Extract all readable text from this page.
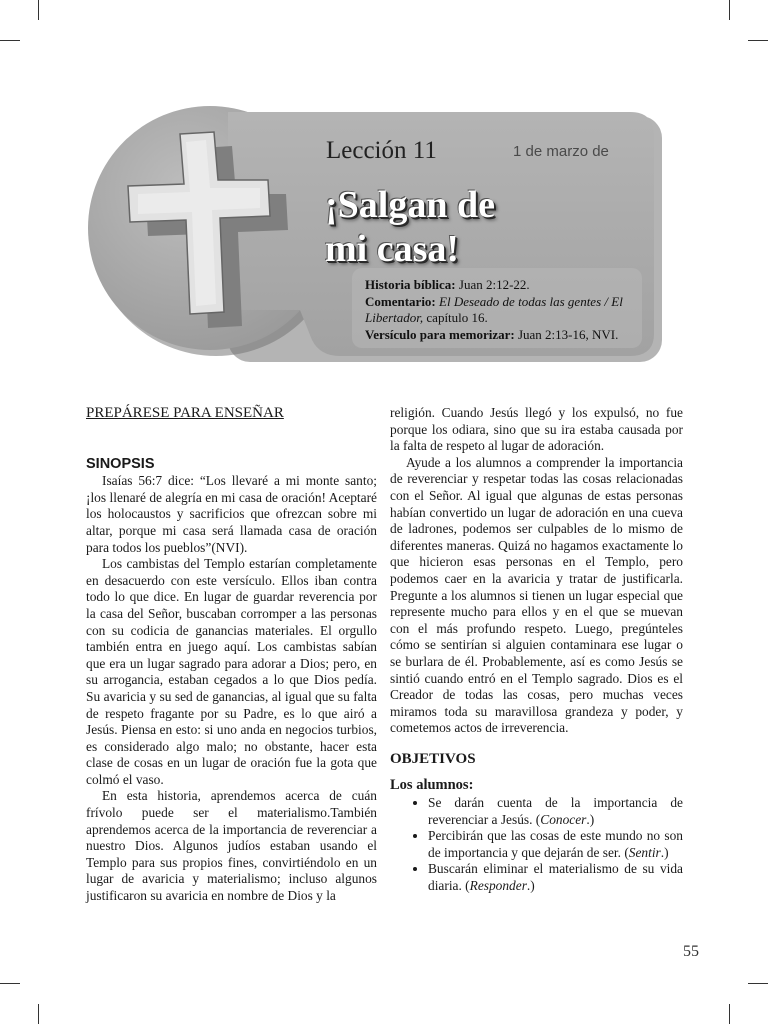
Lección 11	1 de marzo de
¡Salgan de
mi casa!
Historia bíblica: Juan 2:12-22.
Comentario: El Deseado de todas las gentes / El Libertador, capítulo 16.
Versículo para memorizar: Juan 2:13-16, NVI.
PREPÁRESE PARA ENSEÑAR
SINOPSIS

Isaías 56:7 dice: “Los llevaré a mi monte santo; ¡los llenaré de alegría en mi casa de oración! Aceptaré los holocaustos y sacrificios que ofrezcan sobre mi altar, porque mi casa será llamada casa de oración para todos los pueblos”(NVI).

Los cambistas del Templo estarían completamente en desacuerdo con este versículo. Ellos iban contra todo lo que dice. En lugar de guardar reverencia por la casa del Señor, buscaban corromper a las personas con su codicia de ganancias materiales. El orgullo también entra en juego aquí. Los cambistas sabían que era un lugar sagrado para adorar a Dios; pero, en su arrogancia, estaban cegados a lo que Dios pedía. Su avaricia y su sed de ganancias, al igual que su falta de respeto fragante por su Padre, es lo que airó a Jesús. Piensa en esto: si uno anda en negocios turbios, es considerado algo malo; no obstante, hacer esta clase de cosas en un lugar de oración fue la gota que colmó el vaso.

En esta historia, aprendemos acerca de cuán frívolo puede ser el materialismo.También aprendemos acerca de la importancia de reverenciar a nuestro Dios. Algunos judíos estaban usando el Templo para sus propios fines, convirtiéndolo en un lugar de avaricia y materialismo; incluso algunos justificaron su avaricia en nombre de Dios y la

religión. Cuando Jesús llegó y los expulsó, no fue porque los odiara, sino que su ira estaba causada por la falta de respeto al lugar de adoración.

Ayude a los alumnos a comprender la importancia de reverenciar y respetar todas las cosas relacionadas con el Señor. Al igual que algunas de estas personas habían convertido un lugar de adoración en una cueva de ladrones, podemos ser culpables de lo mismo de diferentes maneras. Quizá no hagamos exactamente lo que hicieron esas personas en el Templo, pero podemos caer en la avaricia y tratar de justificarla. Pregunte a los alumnos si tienen un lugar especial que represente mucho para ellos y en el que se muevan con el más profundo respeto. Luego, pregúnteles cómo se sentirían si alguien contaminara ese lugar o se burlara de él. Probablemente, así es como Jesús se sintió cuando entró en el Templo sagrado. Dios es el Creador de todas las cosas, pero muchas veces miramos toda su maravillosa grandeza y poder, y cometemos actos de irreverencia.

OBJETIVOS
Los alumnos:
• Se darán cuenta de la importancia de reverenciar a Jesús. (Conocer.)
• Percibirán que las cosas de este mundo no son de importancia y que dejarán de ser. (Sentir.)
• Buscarán eliminar el materialismo de su vida diaria. (Responder.)
55
